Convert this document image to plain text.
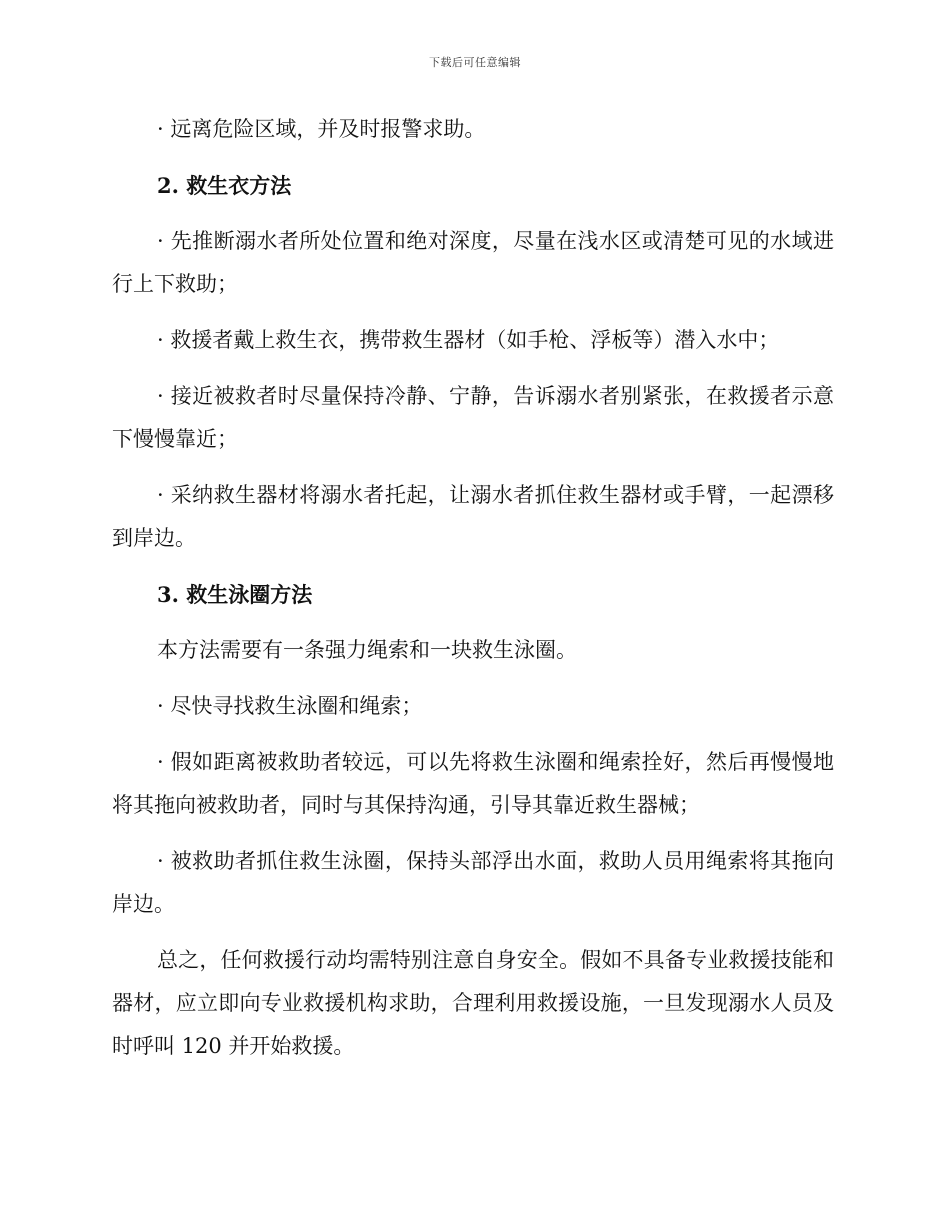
下载后可任意编辑

· 远离危险区域，并及时报警求助。

2. 救生衣方法

· 先推断溺水者所处位置和绝对深度，尽量在浅水区或清楚可见的水域进行上下救助；

· 救援者戴上救生衣，携带救生器材（如手枪、浮板等）潜入水中；

· 接近被救者时尽量保持冷静、宁静，告诉溺水者别紧张，在救援者示意下慢慢靠近；

· 采纳救生器材将溺水者托起，让溺水者抓住救生器材或手臂，一起漂移到岸边。

3. 救生泳圈方法

本方法需要有一条强力绳索和一块救生泳圈。

· 尽快寻找救生泳圈和绳索；

· 假如距离被救助者较远，可以先将救生泳圈和绳索拴好，然后再慢慢地将其拖向被救助者，同时与其保持沟通，引导其靠近救生器械；

· 被救助者抓住救生泳圈，保持头部浮出水面，救助人员用绳索将其拖向岸边。

总之，任何救援行动均需特别注意自身安全。假如不具备专业救援技能和器材，应立即向专业救援机构求助，合理利用救援设施，一旦发现溺水人员及时呼叫 120 并开始救援。
